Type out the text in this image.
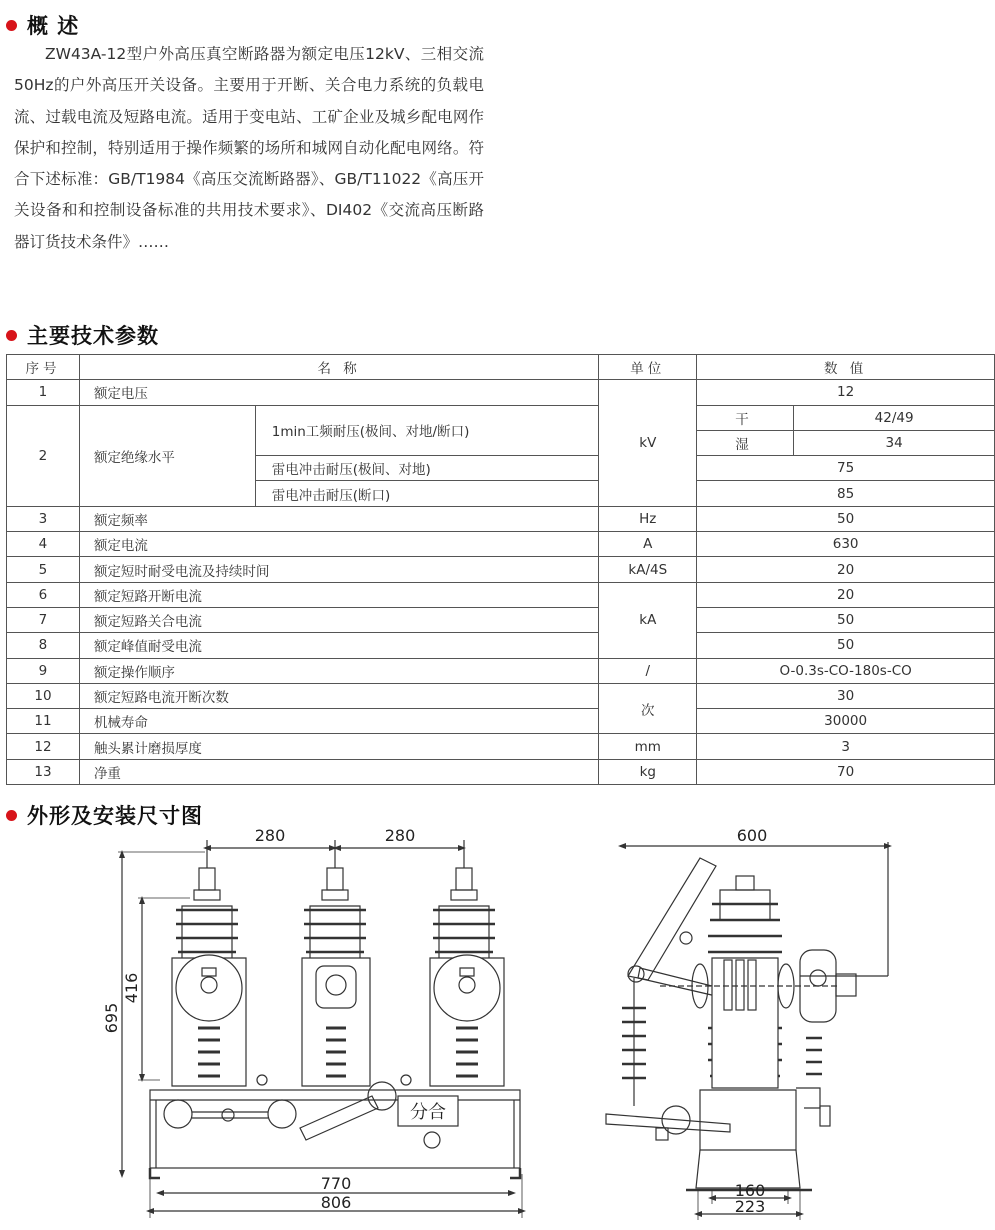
概 述

ZW43A-12型户外高压真空断路器为额定电压12kV、三相交流50Hz的户外高压开关设备。主要用于开断、关合电力系统的负载电流、过载电流及短路电流。适用于变电站、工矿企业及城乡配电网作保护和控制，特别适用于操作频繁的场所和城网自动化配电网络。符合下述标准：GB/T1984《高压交流断路器》、GB/T11022《高压开关设备和和控制设备标准的共用技术要求》、DI402《交流高压断路器订货技术条件》……

主要技术参数
序号	名 称		单位	数 值	
1	额定电压		kV	12	
2	额定绝缘水平	1min工频耐压(极间、对地/断口)		干	42/49
				湿	34
		雷电冲击耐压(极间、对地)		75	
		雷电冲击耐压(断口)		85	
3	额定频率		Hz	50	
4	额定电流		A	630	
5	额定短时耐受电流及持续时间		kA/4S	20	
6	额定短路开断电流		kA	20	
7	额定短路关合电流			50	
8	额定峰值耐受电流			50	
9	额定操作顺序		/	O-0.3s-CO-180s-CO	
10	额定短路电流开断次数		次	30	
11	机械寿命			30000	
12	触头累计磨损厚度		mm	3	
13	净重		kg	70	
外形及安装尺寸图
分合
280	280
695
416
770
806
600
160
223
